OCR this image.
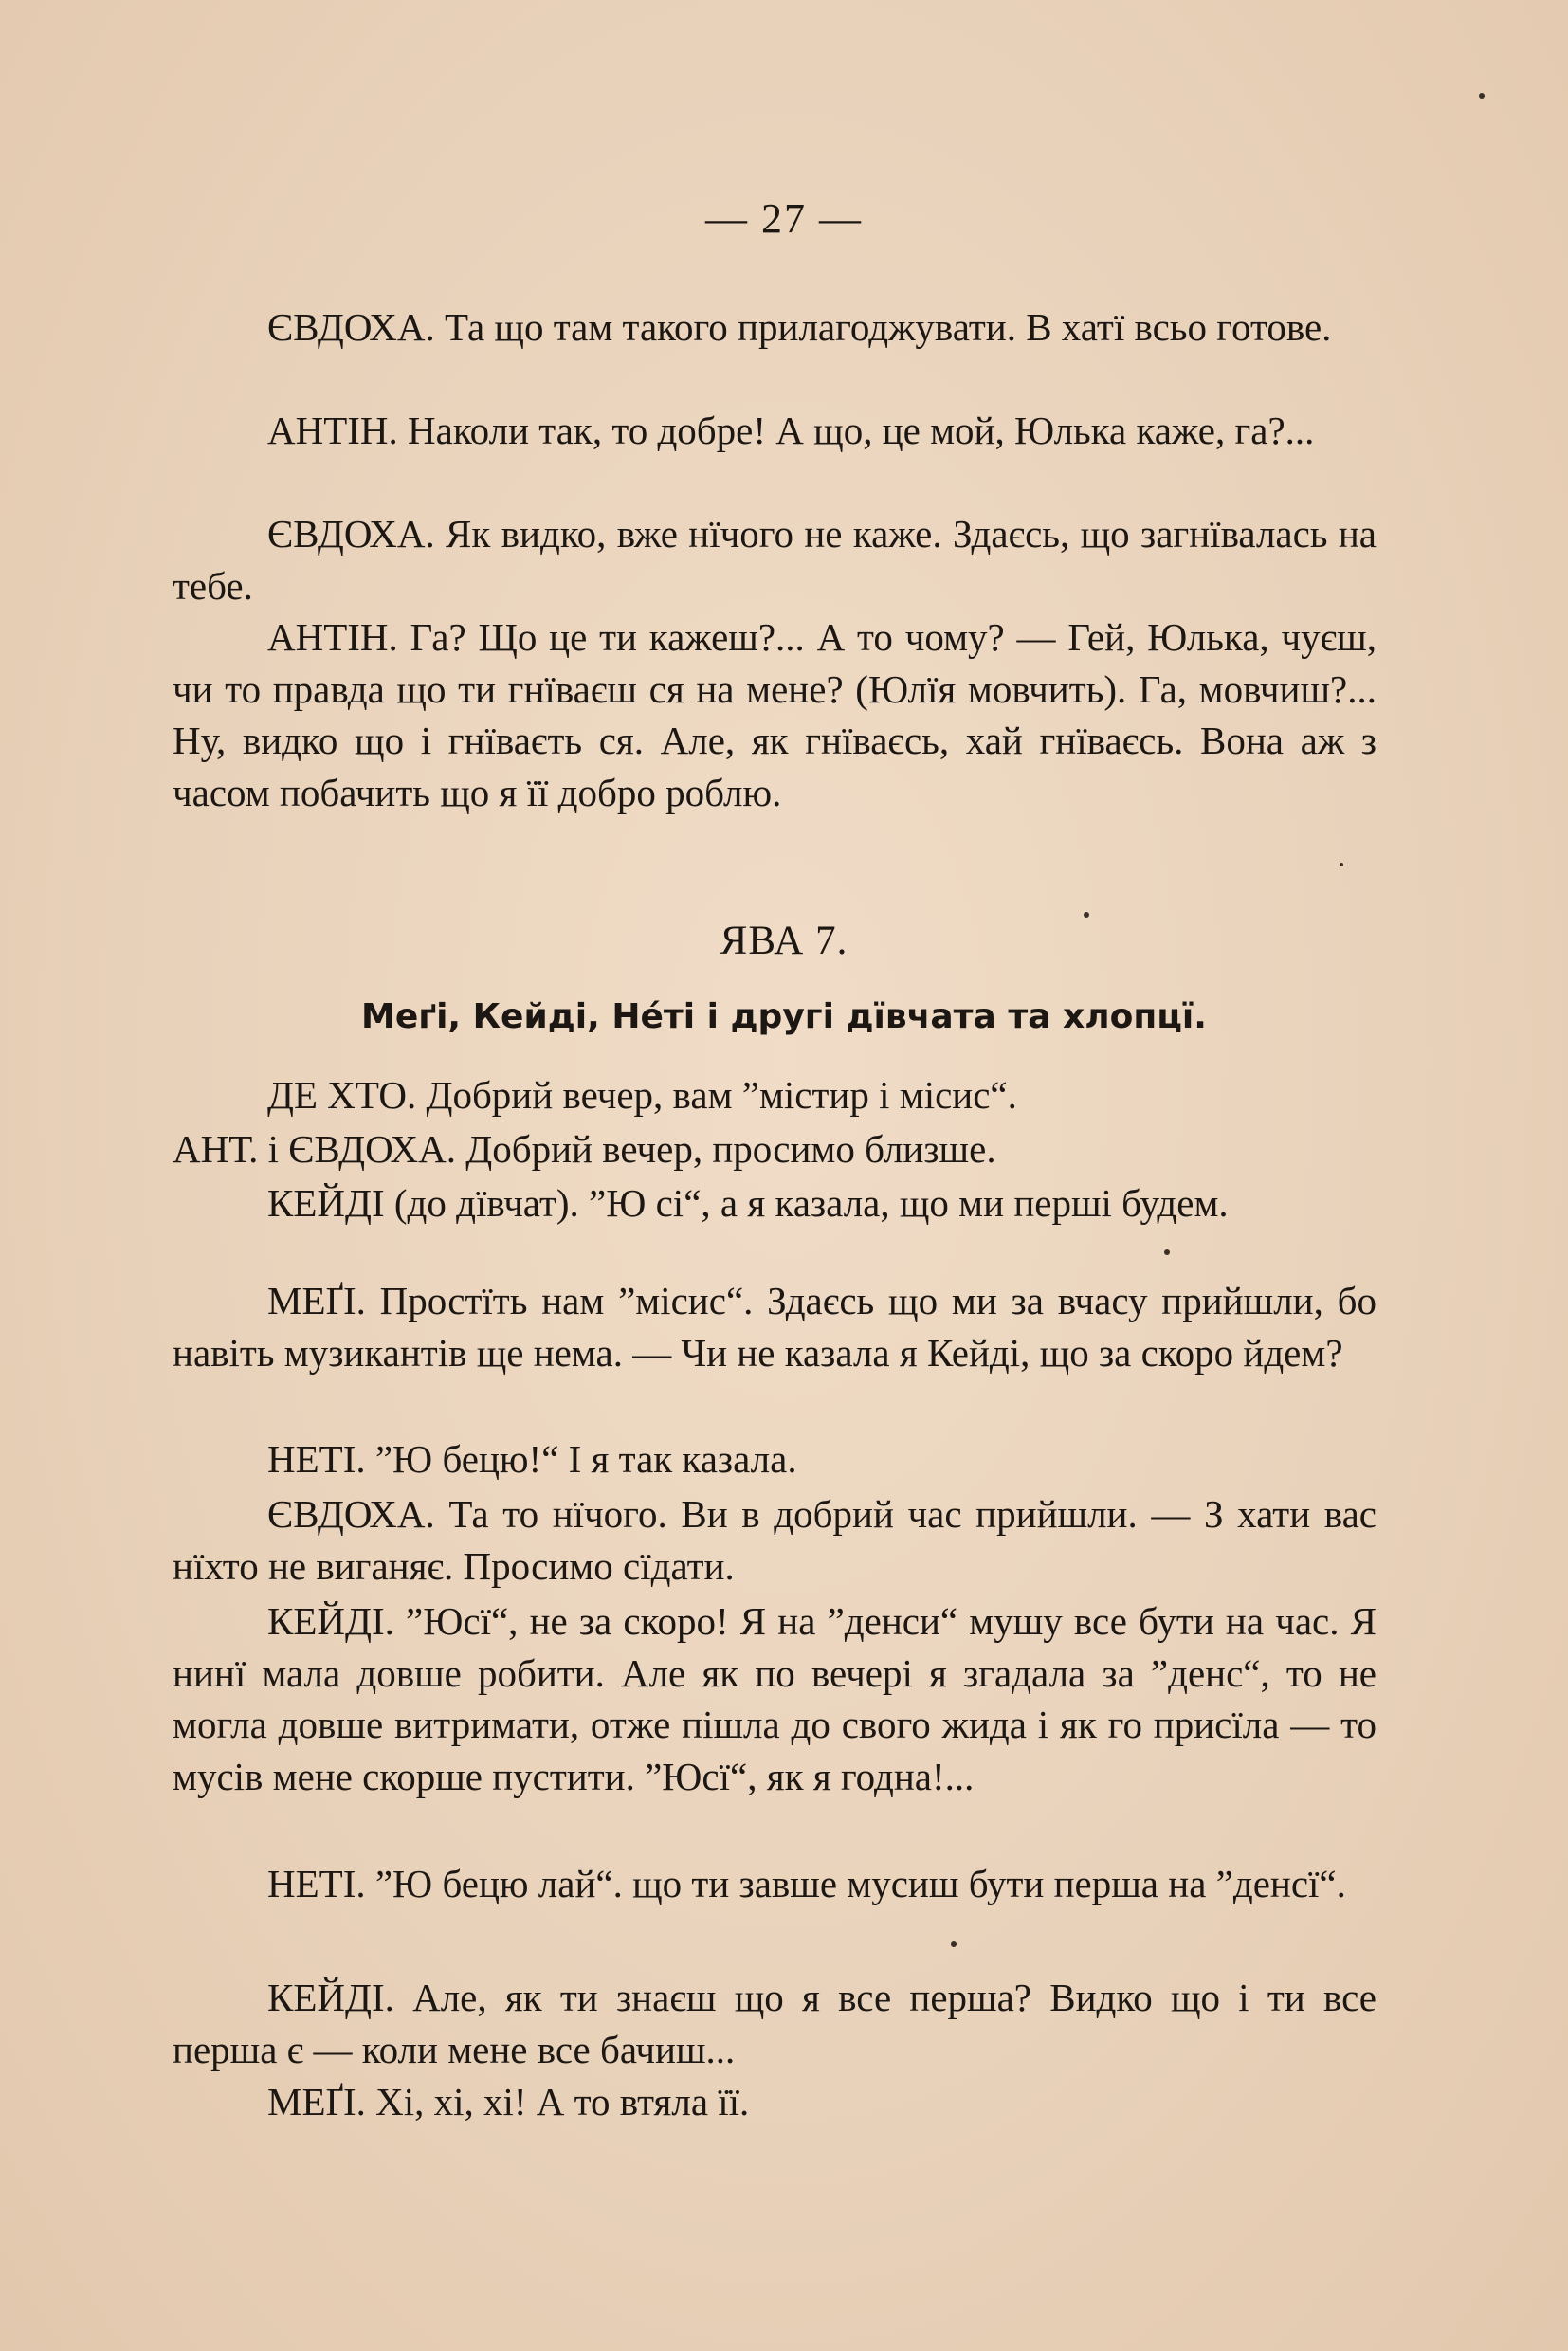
— 27 —

ЄВДОХА. Та що там такого прилагоджувати. В хатї всьо готове.

АНТІН. Наколи так, то добре! А що, це мой, Юлька каже, га?...

ЄВДОХА. Як видко, вже нїчого не каже. Здаєсь, що загнївалась на тебе.

АНТІН. Га? Що це ти кажеш?... А то чому? — Гей, Юлька, чуєш, чи то правда що ти гнїваєш ся на мене? (Юлїя мовчить). Га, мовчиш?... Ну, видко що і гнїваєть ся. Але, як гнїваєсь, хай гнїваєсь. Вона аж з часом побачить що я її добро роблю.

ЯВА 7.
Меґі, Кейді, Нéті і другі дївчата та хлопцї.

ДЕ ХТО. Добрий вечер, вам ”містир і місис“.

АНТ. і ЄВДОХА. Добрий вечер, просимо близше.

КЕЙДІ (до дївчат). ”Ю сі“, а я казала, що ми перші будем.

МЕҐІ. Простїть нам ”місис“. Здаєсь що ми за вчасу прийшли, бо навіть музикантів ще нема. — Чи не казала я Кейді, що за скоро йдем?

НЕТІ. ”Ю бецю!“ І я так казала.

ЄВДОХА. Та то нїчого. Ви в добрий час прийшли. — З хати вас нїхто не виганяє. Просимо сїдати.

КЕЙДІ. ”Юсї“, не за скоро! Я на ”денси“ мушу все бути на час. Я нинї мала довше робити. Але як по вечері я згадала за ”денс“, то не могла довше витримати, отже пішла до свого жида і як го присїла — то мусів мене скорше пустити. ”Юсї“, як я годна!...

НЕТІ. ”Ю бецю лай“. що ти завше мусиш бути перша на ”денсї“.

КЕЙДІ. Але, як ти знаєш що я все перша? Видко що і ти все перша є — коли мене все бачиш...

МЕҐІ. Хі, хі, хі! А то втяла її.
